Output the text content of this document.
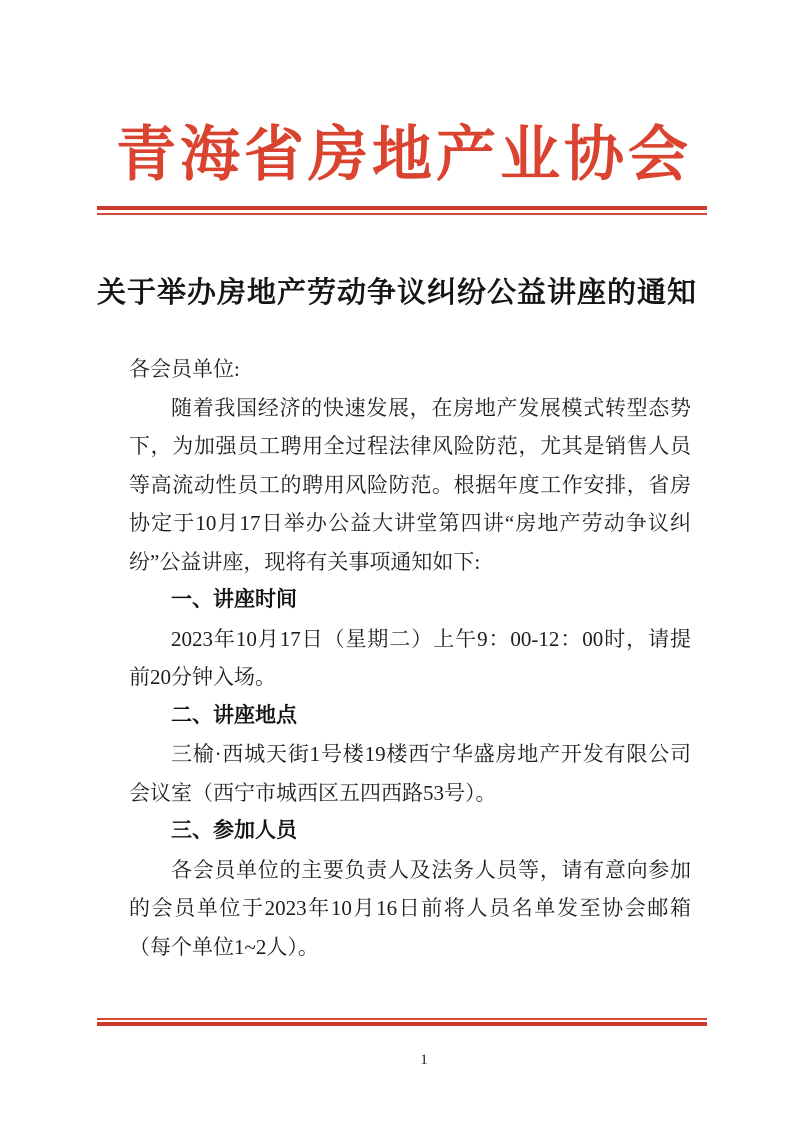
青海省房地产业协会
关于举办房地产劳动争议纠纷公益讲座的通知

各会员单位:

随着我国经济的快速发展，在房地产发展模式转型态势下，为加强员工聘用全过程法律风险防范，尤其是销售人员等高流动性员工的聘用风险防范。根据年度工作安排，省房协定于10月17日举办公益大讲堂第四讲“房地产劳动争议纠纷”公益讲座，现将有关事项通知如下:

一、讲座时间

2023年10月17日（星期二）上午9：00-12：00时，请提前20分钟入场。

二、讲座地点

三榆·西城天街1号楼19楼西宁华盛房地产开发有限公司会议室（西宁市城西区五四西路53号）。

三、参加人员

各会员单位的主要负责人及法务人员等，请有意向参加的会员单位于2023年10月16日前将人员名单发至协会邮箱（每个单位1~2人）。

1
